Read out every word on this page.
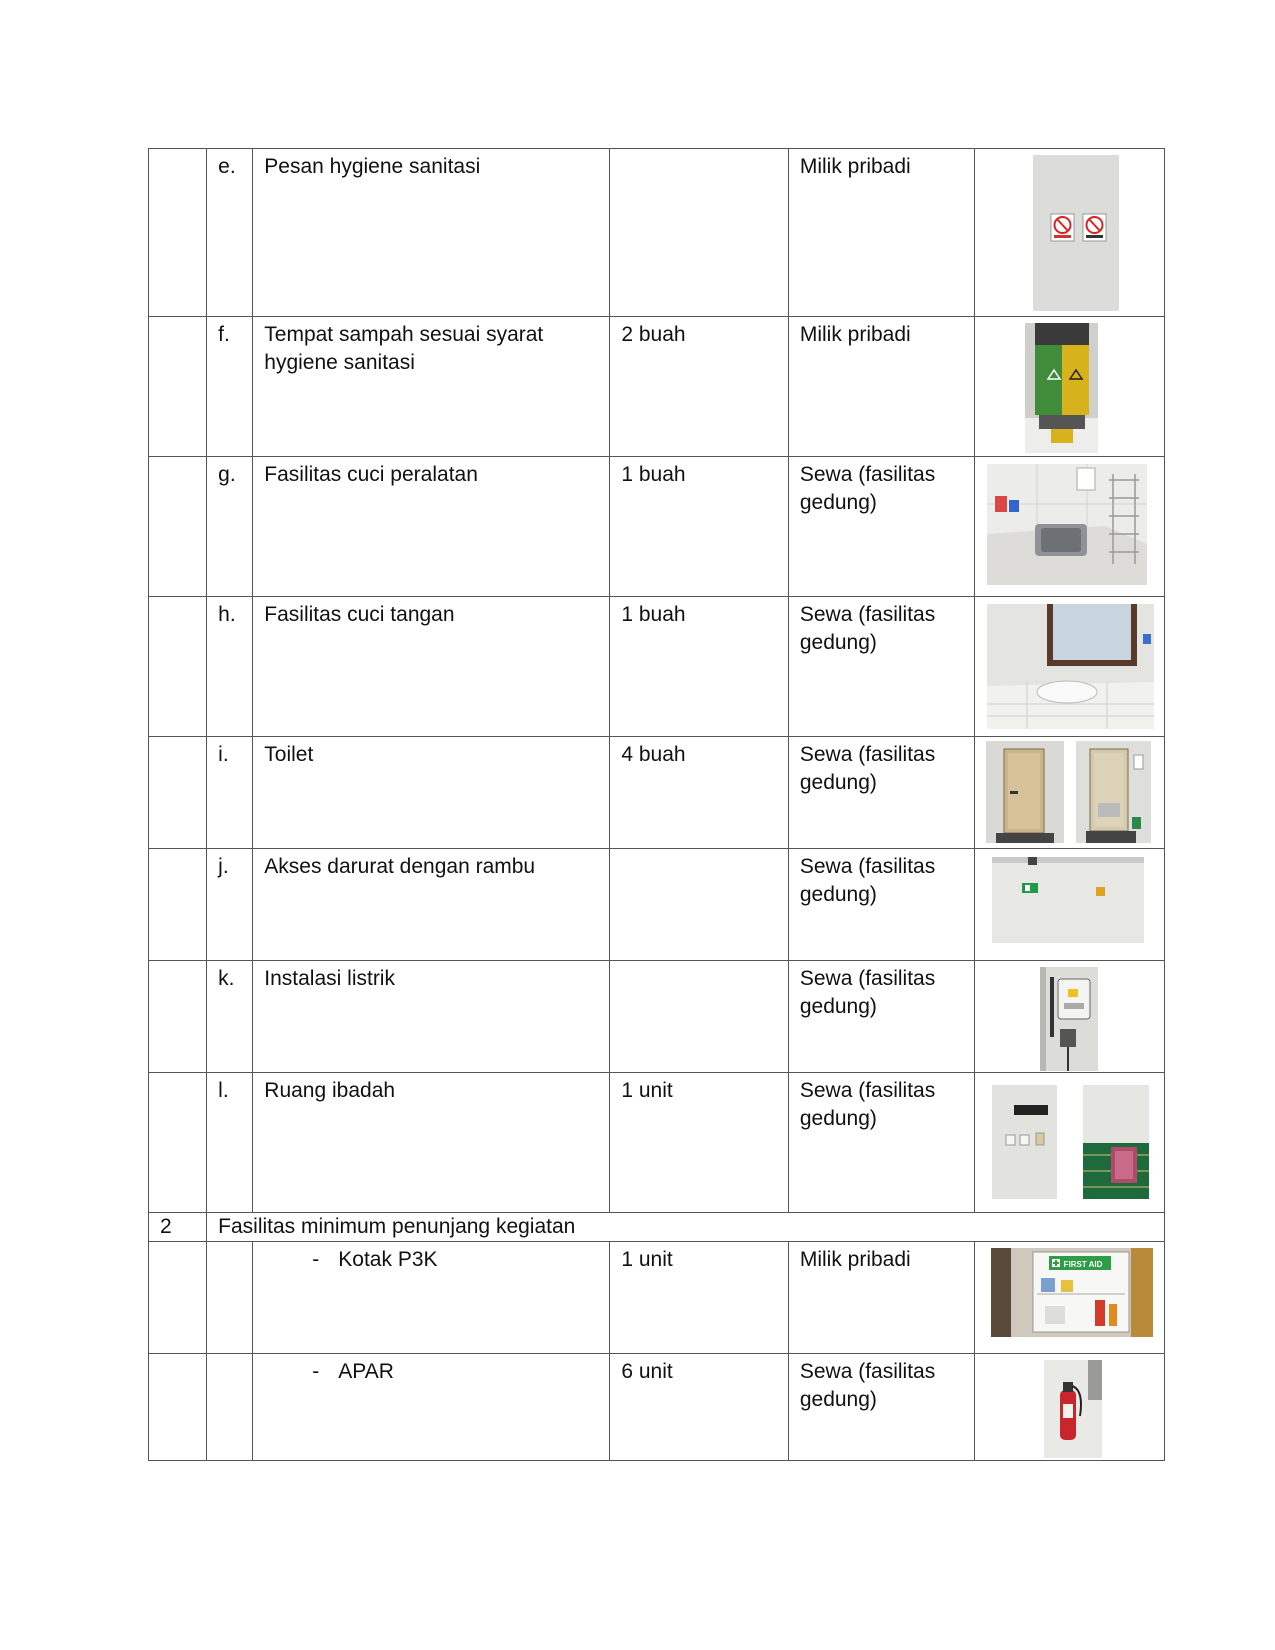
	e.	Pesan hygiene sanitasi		Milik pribadi

	f.	Tempat sampah sesuai syarat hygiene sanitasi	2 buah	Milik pribadi

	g.	Fasilitas cuci peralatan	1 buah	Sewa (fasilitas gedung)

	h.	Fasilitas cuci tangan	1 buah	Sewa (fasilitas gedung)

	i.	Toilet	4 buah	Sewa (fasilitas gedung)

	j.	Akses darurat dengan rambu		Sewa (fasilitas gedung)

	k.	Instalasi listrik		Sewa (fasilitas gedung)

	l.	Ruang ibadah	1 unit	Sewa (fasilitas gedung)

2	Fasilitas minimum penunjang kegiatan				

		- Kotak P3K	1 unit	Milik pribadi	FIRST AID

		- APAR	6 unit	Sewa (fasilitas gedung)
